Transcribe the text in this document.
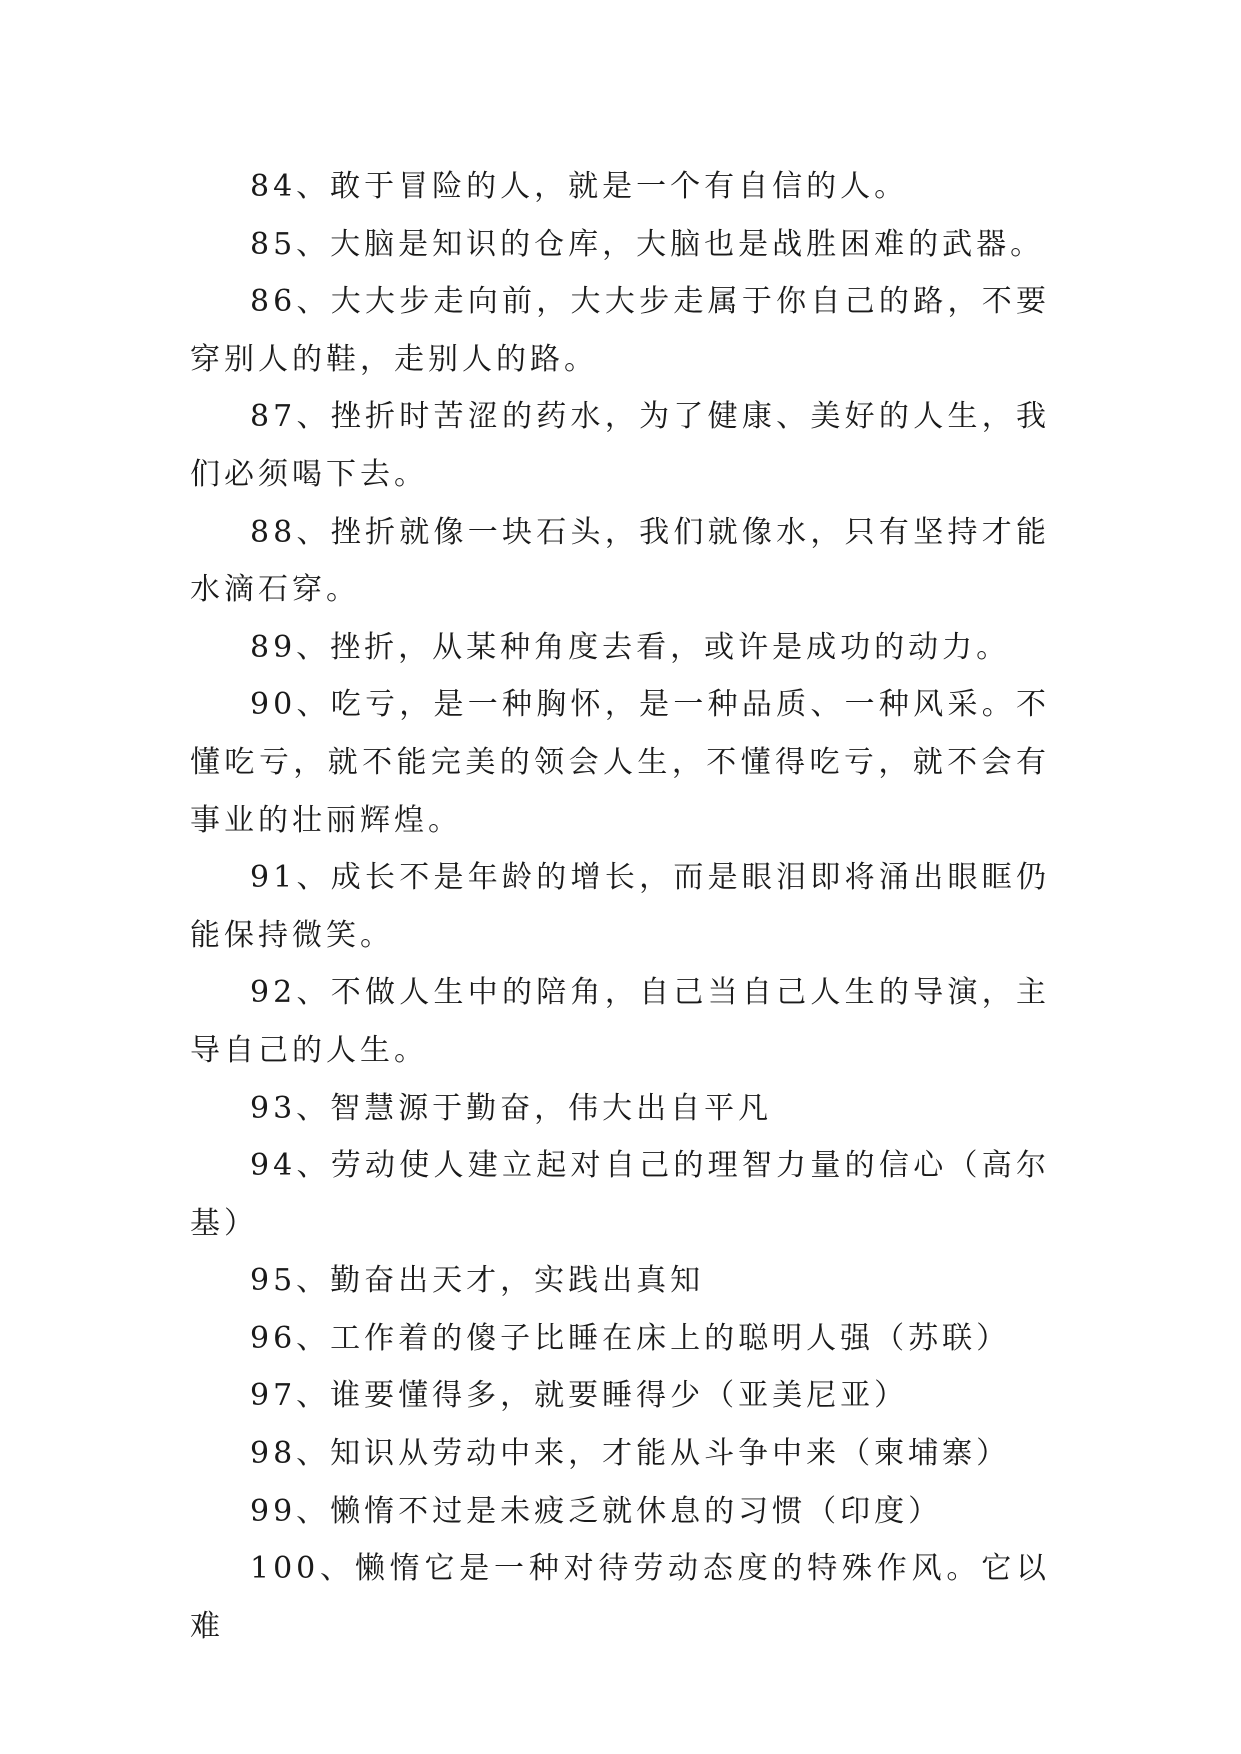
84、敢于冒险的人，就是一个有自信的人。

85、大脑是知识的仓库，大脑也是战胜困难的武器。

86、大大步走向前，大大步走属于你自己的路，不要穿别人的鞋，走别人的路。

87、挫折时苦涩的药水，为了健康、美好的人生，我们必须喝下去。

88、挫折就像一块石头，我们就像水，只有坚持才能水滴石穿。

89、挫折，从某种角度去看，或许是成功的动力。

90、吃亏，是一种胸怀，是一种品质、一种风采。不懂吃亏，就不能完美的领会人生，不懂得吃亏，就不会有事业的壮丽辉煌。

91、成长不是年龄的增长，而是眼泪即将涌出眼眶仍能保持微笑。

92、不做人生中的陪角，自己当自己人生的导演，主导自己的人生。

93、智慧源于勤奋，伟大出自平凡

94、劳动使人建立起对自己的理智力量的信心（高尔基）

95、勤奋出天才，实践出真知

96、工作着的傻子比睡在床上的聪明人强（苏联）

97、谁要懂得多，就要睡得少（亚美尼亚）

98、知识从劳动中来，才能从斗争中来（柬埔寨）

99、懒惰不过是未疲乏就休息的习惯（印度）

100、懒惰它是一种对待劳动态度的特殊作风。它以难
